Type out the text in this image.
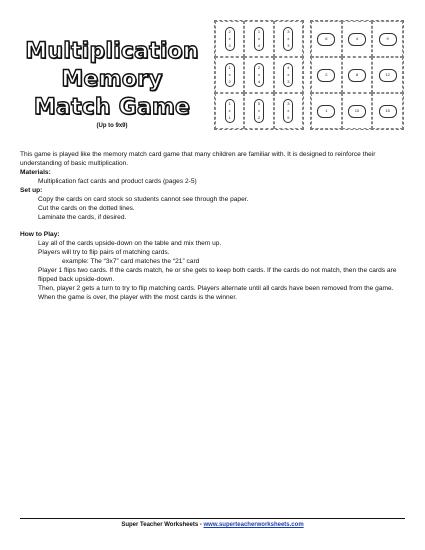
Multiplication
Memory
Match Game
(Up to 9x9)
2
x
3
1
x
4
3
x
3
1
x
2
2
x
4
4
x
3
1
x
1
5
x
2
3
x
5
6	4	9
2	8	12
1	10	15

This game is played like the memory match card game that many children are familiar with. It is designed to reinforce their understanding of basic multiplication.

Materials:

Multiplication fact cards and product cards (pages 2-5)

Set up:

Copy the cards on card stock so students cannot see through the paper.

Cut the cards on the dotted lines.

Laminate the cards, if desired.

How to Play:

Lay all of the cards upside-down on the table and mix them up.

Players will try to flip pairs of matching cards.

example: The “3x7” card matches the “21” card

Player 1 flips two cards. If the cards match, he or she gets to keep both cards. If the cards do not match, then the cards are flipped back upside-down.

Then, player 2 gets a turn to try to flip matching cards. Players alternate until all cards have been removed from the game.

When the game is over, the player with the most cards is the winner.

Super Teacher Worksheets - www.superteacherworksheets.com
